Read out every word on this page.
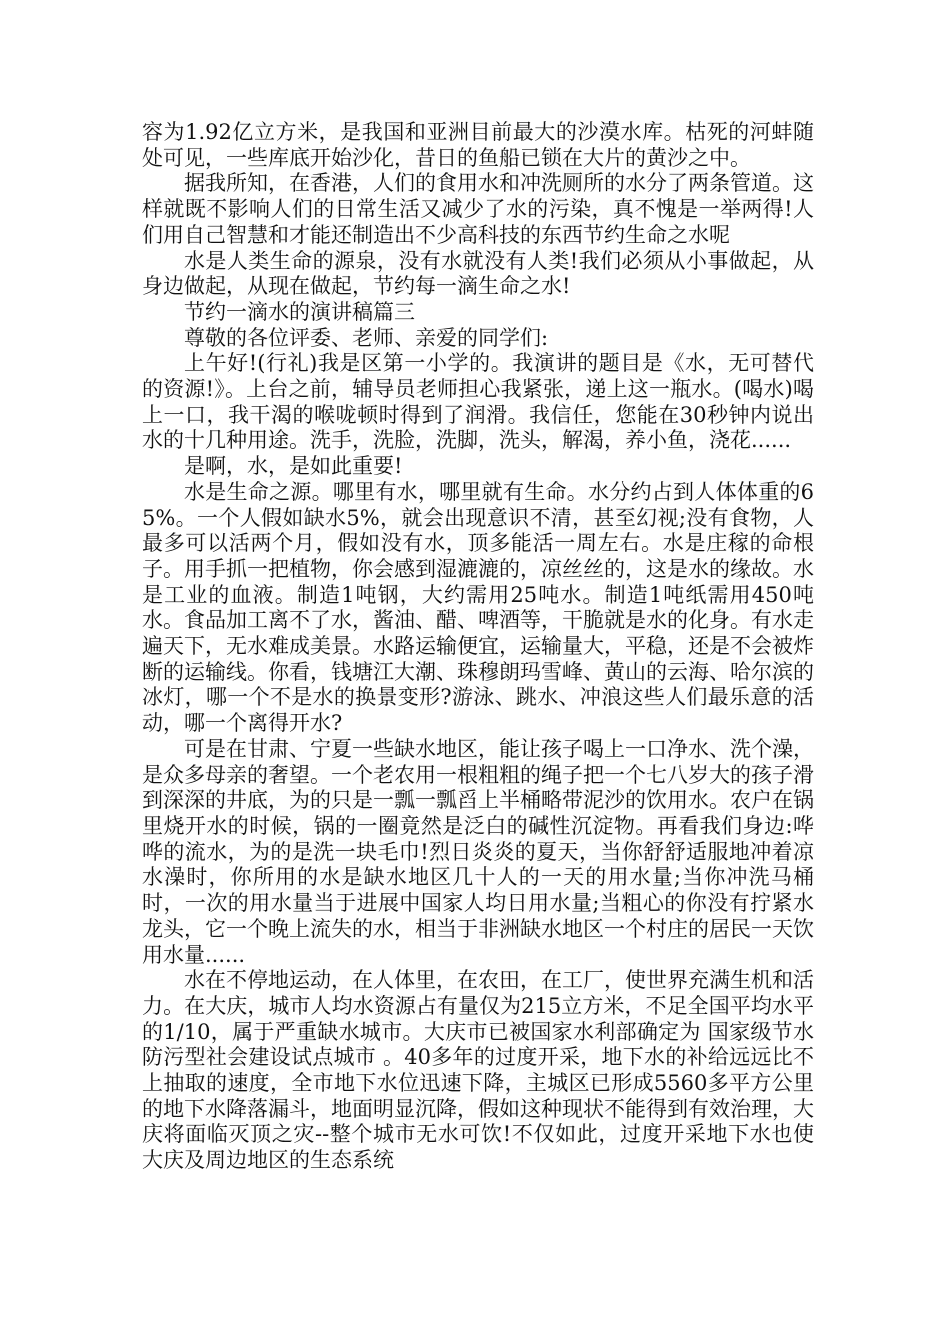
容为1.92亿立方米，是我国和亚洲目前最大的沙漠水库。枯死的河蚌随处可见，一些库底开始沙化，昔日的鱼船已锁在大片的黄沙之中。

据我所知，在香港，人们的食用水和冲洗厕所的水分了两条管道。这样就既不影响人们的日常生活又减少了水的污染，真不愧是一举两得!人们用自己智慧和才能还制造出不少高科技的东西节约生命之水呢

水是人类生命的源泉，没有水就没有人类!我们必须从小事做起，从身边做起，从现在做起，节约每一滴生命之水!

节约一滴水的演讲稿篇三

尊敬的各位评委、老师、亲爱的同学们:

上午好!(行礼)我是区第一小学的。我演讲的题目是《水，无可替代的资源!》。上台之前，辅导员老师担心我紧张，递上这一瓶水。(喝水)喝上一口，我干渴的喉咙顿时得到了润滑。我信任，您能在30秒钟内说出水的十几种用途。洗手，洗脸，洗脚，洗头，解渴，养小鱼，浇花......

是啊，水，是如此重要!

水是生命之源。哪里有水，哪里就有生命。水分约占到人体体重的65%。一个人假如缺水5%，就会出现意识不清，甚至幻视;没有食物，人最多可以活两个月，假如没有水，顶多能活一周左右。水是庄稼的命根子。用手抓一把植物，你会感到湿漉漉的，凉丝丝的，这是水的缘故。水是工业的血液。制造1吨钢，大约需用25吨水。制造1吨纸需用450吨水。食品加工离不了水，酱油、醋、啤酒等，干脆就是水的化身。有水走遍天下，无水难成美景。水路运输便宜，运输量大，平稳，还是不会被炸断的运输线。你看，钱塘江大潮、珠穆朗玛雪峰、黄山的云海、哈尔滨的冰灯，哪一个不是水的换景变形?游泳、跳水、冲浪这些人们最乐意的活动，哪一个离得开水?

可是在甘肃、宁夏一些缺水地区，能让孩子喝上一口净水、洗个澡，是众多母亲的奢望。一个老农用一根粗粗的绳子把一个七八岁大的孩子滑到深深的井底，为的只是一瓢一瓢舀上半桶略带泥沙的饮用水。农户在锅里烧开水的时候，锅的一圈竟然是泛白的碱性沉淀物。再看我们身边:哗哗的流水，为的是洗一块毛巾!烈日炎炎的夏天，当你舒舒适服地冲着凉水澡时，你所用的水是缺水地区几十人的一天的用水量;当你冲洗马桶时，一次的用水量当于进展中国家人均日用水量;当粗心的你没有拧紧水龙头，它一个晚上流失的水，相当于非洲缺水地区一个村庄的居民一天饮用水量......

水在不停地运动，在人体里，在农田，在工厂，使世界充满生机和活力。在大庆，城市人均水资源占有量仅为215立方米，不足全国平均水平的1/10，属于严重缺水城市。大庆市已被国家水利部确定为 国家级节水防污型社会建设试点城市 。40多年的过度开采，地下水的补给远远比不上抽取的速度，全市地下水位迅速下降，主城区已形成5560多平方公里的地下水降落漏斗，地面明显沉降，假如这种现状不能得到有效治理，大庆将面临灭顶之灾--整个城市无水可饮!不仅如此，过度开采地下水也使大庆及周边地区的生态系统
